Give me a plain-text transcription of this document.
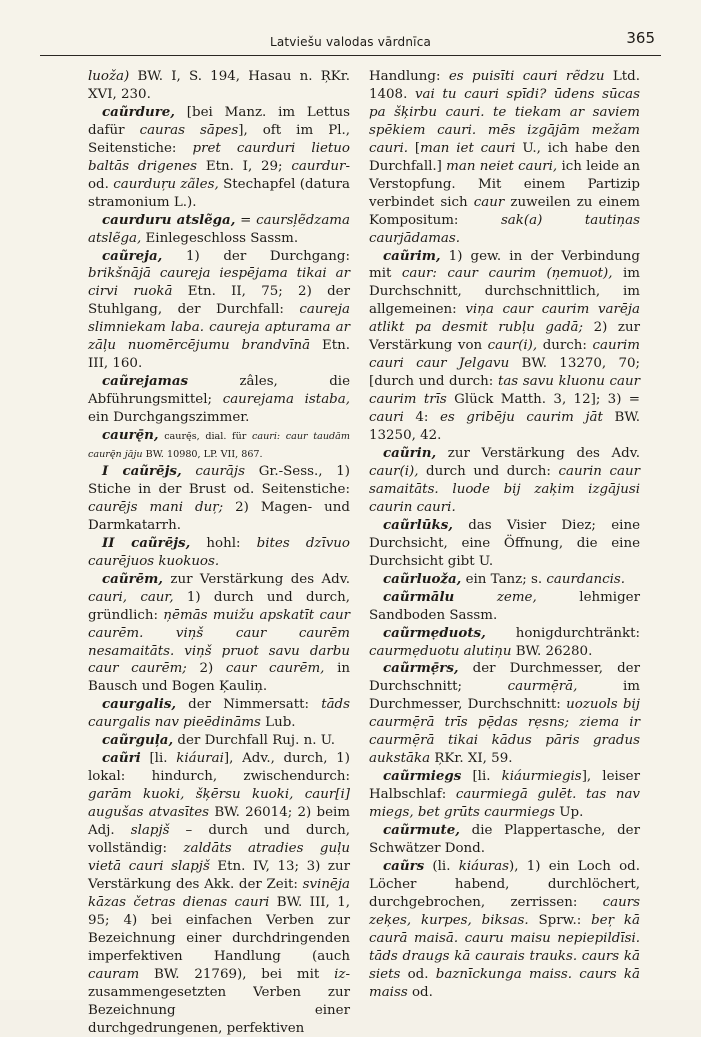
Latviešu valodas vārdnīca	365

luoža) BW. I, S. 194, Hasau n. ŖKr. XVI, 230.

caũrdure, [bei Manz. im Lettus dafür cauras sāpes], oft im Pl., Seitenstiche: pret caurduri lietuo baltās drigenes Etn. I, 29; caurdur- od. caurduŗu zãles, Stechapfel (datura stramonium L.).

caurduru atslẽga, = caursl̦ẽdzama atslẽga, Einlegeschloss Sassm.

caũreja, 1) der Durchgang: brikšnājā caureja iespējama tikai ar cirvi ruokā Etn. II, 75; 2) der Stuhlgang, der Durchfall: caureja slimniekam laba. caureja apturama ar zāļu nuomērcējumu brandvīnā Etn. III, 160.

caũrejamas zâles, die Abführungsmittel; caurejama istaba, ein Durchgangszimmer.

caurę̄n, caurę̄s, dial. für cauri: caur taudām caurę̄n jāju BW. 10980, LP. VII, 867.

I caũrējs, caurājs Gr.-Sess., 1) Stiche in der Brust od. Seitenstiche: caurējs mani duŗ; 2) Magen- und Darmkatarrh.

II caũrējs, hohl: bites dzīvuo caurējuos kuokuos.

caũrēm, zur Verstärkung des Adv. cauri, caur, 1) durch und durch, gründlich: ņēmās muižu apskatīt caur caurēm. viņš caur caurēm nesamaitāts. viņš pruot savu darbu caur caurēm; 2) caur caurēm, in Bausch und Bogen Ķauliņ.

caurgalis, der Nimmersatt: tāds caurgalis nav pieēdināms Lub.

caũrguļa, der Durchfall Ruj. n. U.

caũri [li. kiáurai], Adv., durch, 1) lokal: hindurch, zwischendurch: garām kuoki, šķērsu kuoki, caur[i] augušas atvasītes BW. 26014; 2) beim Adj. slapjš – durch und durch, vollständig: zaldāts atradies guļu vietā cauri slapjš Etn. IV, 13; 3) zur Verstärkung des Akk. der Zeit: svinēja kāzas četras dienas cauri BW. III, 1, 95; 4) bei einfachen Verben zur Bezeichnung einer durchdringenden imperfektiven Handlung (auch cauram BW. 21769), bei mit iz- zusammengesetzten Verben zur Bezeichnung einer durchgedrungenen, perfektiven

Handlung: es puisīti cauri rẽdzu Ltd. 1408. vai tu cauri spīdi? ūdens sūcas pa šķirbu cauri. te tiekam ar saviem spēkiem cauri. mēs izgājām mežam cauri. [man iet cauri U., ich habe den Durchfall.] man neiet cauri, ich leide an Verstopfung. Mit einem Partizip verbindet sich caur zuweilen zu einem Kompositum: sak(a) tautiņas caurjādamas.

caũrim, 1) gew. in der Verbindung mit caur: caur caurim (ņemuot), im Durchschnitt, durchschnittlich, im allgemeinen: viņa caur caurim varēja atlikt pa desmit rubļu gadā; 2) zur Verstärkung von caur(i), durch: caurim cauri caur Jelgavu BW. 13270, 70; [durch und durch: tas savu kluonu caur caurim trīs Glück Matth. 3, 12]; 3) = cauri 4: es gribēju caurim jāt BW. 13250, 42.

caũrin, zur Verstärkung des Adv. caur(i), durch und durch: caurin caur samaitāts. luode bij zaķim izgājusi caurin cauri.

caũrlūks, das Visier Diez; eine Durchsicht, eine Öffnung, die eine Durchsicht gibt U.

caũrluoža, ein Tanz; s. caurdancis.

caũrmālu	zeme, lehmiger Sandboden Sassm.

caũrmẹduots, honigdurchtränkt: caurmẹduotu alutiņu BW. 26280.

caũrmẹ̄rs, der Durchmesser, der Durchschnitt; caurmẹ̄rā, im Durchmesser, Durchschnitt: uozuols bij caurmẹ̄rā trīs pẹ̄das rẹsns; ziema ir caurmẹ̄rā tikai kādus pāris gradus aukstāka ŖKr. XI, 59.

caũrmiegs [li. kiáurmiegis], leiser Halbschlaf: caurmiegā gulēt. tas nav miegs, bet grūts caurmiegs Up.

caũrmute, die Plappertasche, der Schwätzer Dond.

caũrs (li. kiáuras), 1) ein Loch od. Löcher habend, durchlöchert, durchgebrochen, zerrissen: caurs zeķes, kurpes, biksas. Sprw.: beŗ kā caurā maisā. cauru maisu nepiepildīsi. tāds draugs kā caurais trauks. caurs kā siets od. baznīckunga maiss. caurs kā maiss od.
